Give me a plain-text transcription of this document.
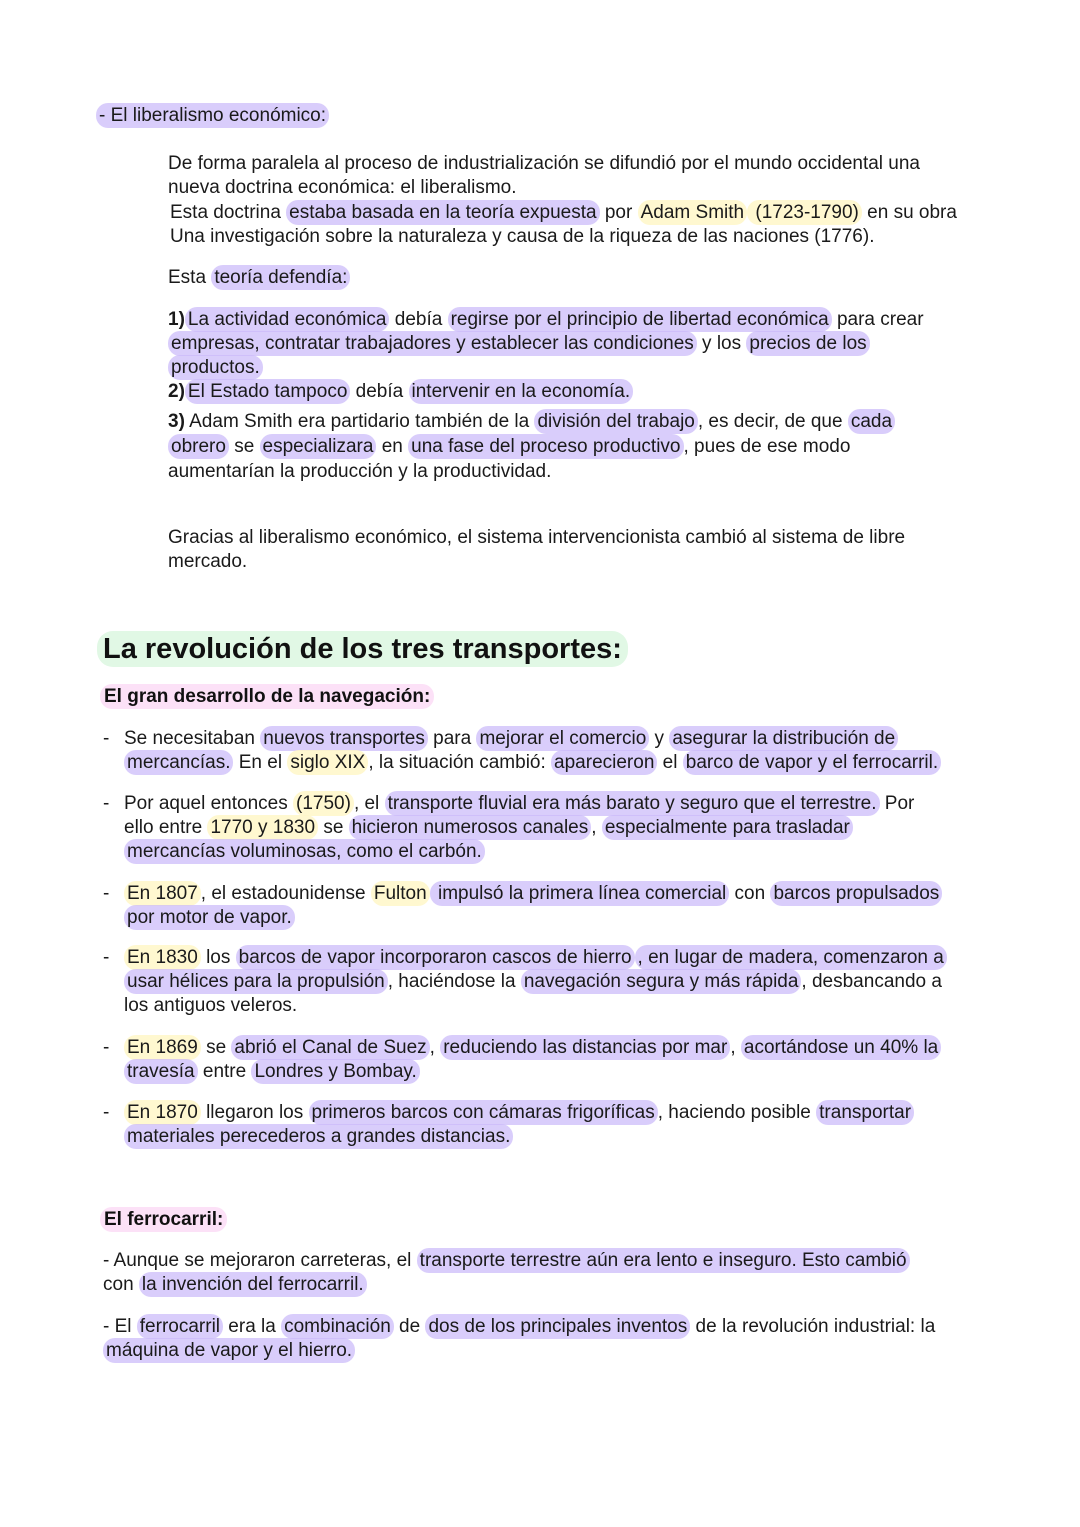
- El liberalismo económico:
De forma paralela al proceso de industrialización se difundió por el mundo occidental una
nueva doctrina económica: el liberalismo.
Esta doctrina estaba basada en la teoría expuesta por Adam Smith (1723-1790) en su obra
Una investigación sobre la naturaleza y causa de la riqueza de las naciones (1776).
Esta teoría defendía:
1) La actividad económica debía regirse por el principio de libertad económica para crear
empresas, contratar trabajadores y establecer las condiciones y los precios de los
productos.
2) El Estado tampoco debía intervenir en la economía.
3) Adam Smith era partidario también de la división del trabajo , es decir, de que cada
obrero se especializara en una fase del proceso productivo , pues de ese modo
aumentarían la producción y la productividad.
Gracias al liberalismo económico, el sistema intervencionista cambió al sistema de libre
mercado.
La revolución de los tres transportes:
El gran desarrollo de la navegación:
- Se necesitaban nuevos transportes para mejorar el comercio y asegurar la distribución de
mercancías. En el siglo XIX , la situación cambió: aparecieron el barco de vapor y el ferrocarril.
- Por aquel entonces (1750) , el transporte fluvial era más barato y seguro que el terrestre. Por
ello entre 1770 y 1830 se hicieron numerosos canales , especialmente para trasladar
mercancías voluminosas, como el carbón.
- En 1807 , el estadounidense Fulton impulsó la primera línea comercial con barcos propulsados
por motor de vapor.
- En 1830 los barcos de vapor incorporaron cascos de hierro , en lugar de madera, comenzaron a
usar hélices para la propulsión , haciéndose la navegación segura y más rápida , desbancando a
los antiguos veleros.
- En 1869 se abrió el Canal de Suez , reduciendo las distancias por mar , acortándose un 40% la
travesía entre Londres y Bombay.
- En 1870 llegaron los primeros barcos con cámaras frigoríficas , haciendo posible transportar
materiales perecederos a grandes distancias.
El ferrocarril:
- Aunque se mejoraron carreteras, el transporte terrestre aún era lento e inseguro. Esto cambió
con la invención del ferrocarril.
- El ferrocarril era la combinación de dos de los principales inventos de la revolución industrial: la
máquina de vapor y el hierro.
